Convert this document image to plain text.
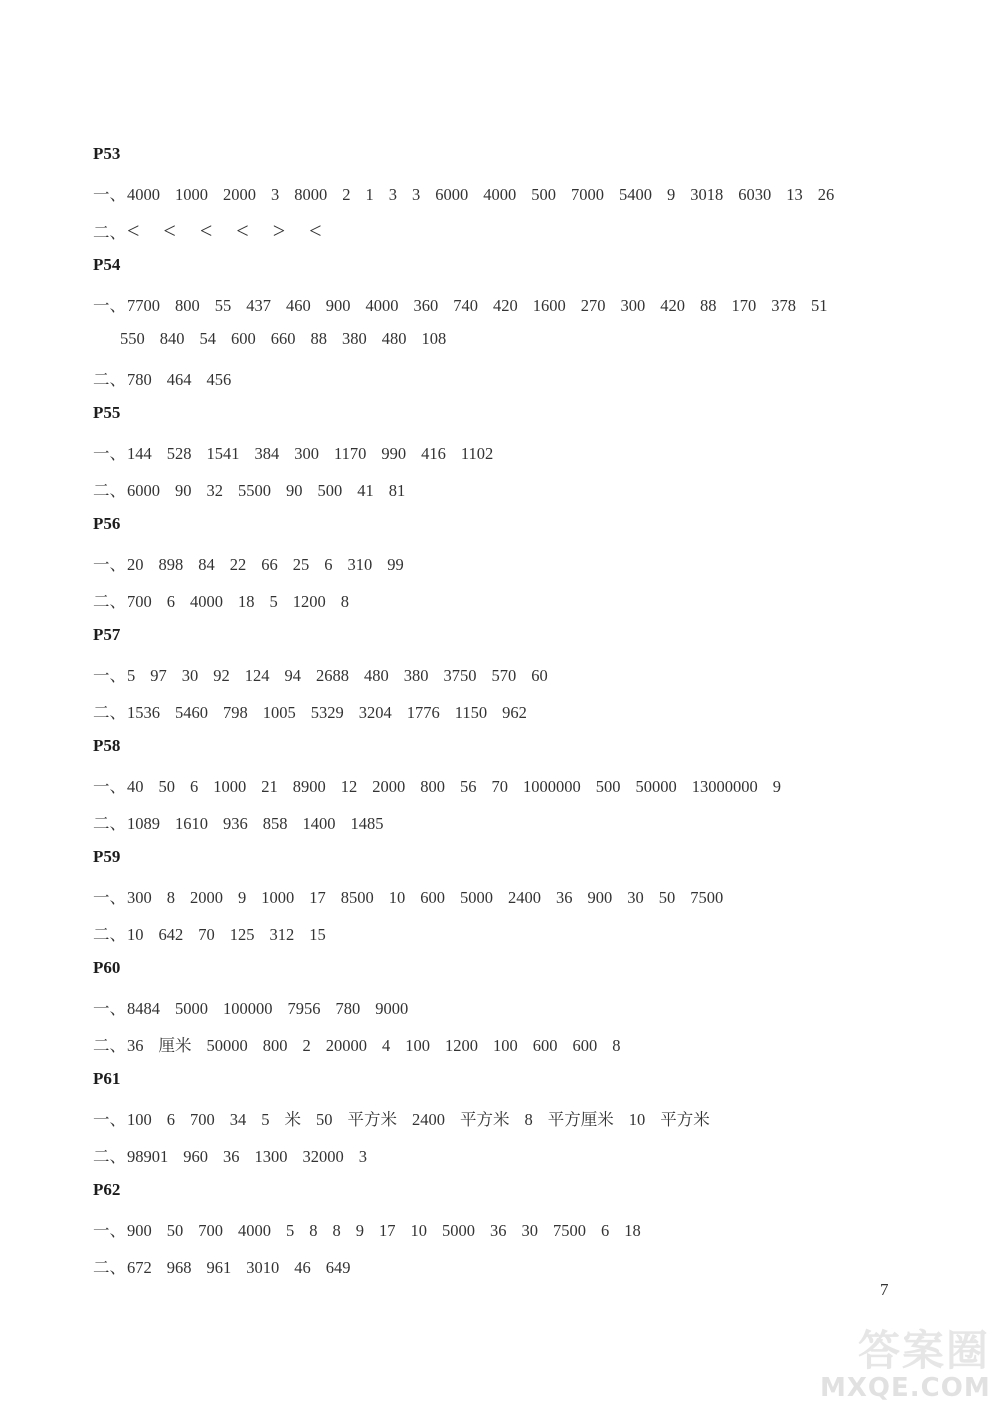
P53
一、4000 1000 2000 3 8000 2 1 3 3 6000 4000 500 7000 5400 9 3018 6030 13 26
二、< < < < > <
P54
一、7700 800 55 437 460 900 4000 360 740 420 1600 270 300 420 88 170 378 51
550 840 54 600 660 88 380 480 108
二、780 464 456
P55
一、144 528 1541 384 300 1170 990 416 1102
二、6000 90 32 5500 90 500 41 81
P56
一、20 898 84 22 66 25 6 310 99
二、700 6 4000 18 5 1200 8
P57
一、5 97 30 92 124 94 2688 480 380 3750 570 60
二、1536 5460 798 1005 5329 3204 1776 1150 962
P58
一、40 50 6 1000 21 8900 12 2000 800 56 70 1000000 500 50000 13000000 9
二、1089 1610 936 858 1400 1485
P59
一、300 8 2000 9 1000 17 8500 10 600 5000 2400 36 900 30 50 7500
二、10 642 70 125 312 15
P60
一、8484 5000 100000 7956 780 9000
二、36 厘米 50000 800 2 20000 4 100 1200 100 600 600 8
P61
一、100 6 700 34 5 米 50 平方米 2400 平方米 8 平方厘米 10 平方米
二、98901 960 36 1300 32000 3
P62
一、900 50 700 4000 5 8 8 9 17 10 5000 36 30 7500 6 18
二、672 968 961 3010 46 649
7
答案圈
MXQE.COM
